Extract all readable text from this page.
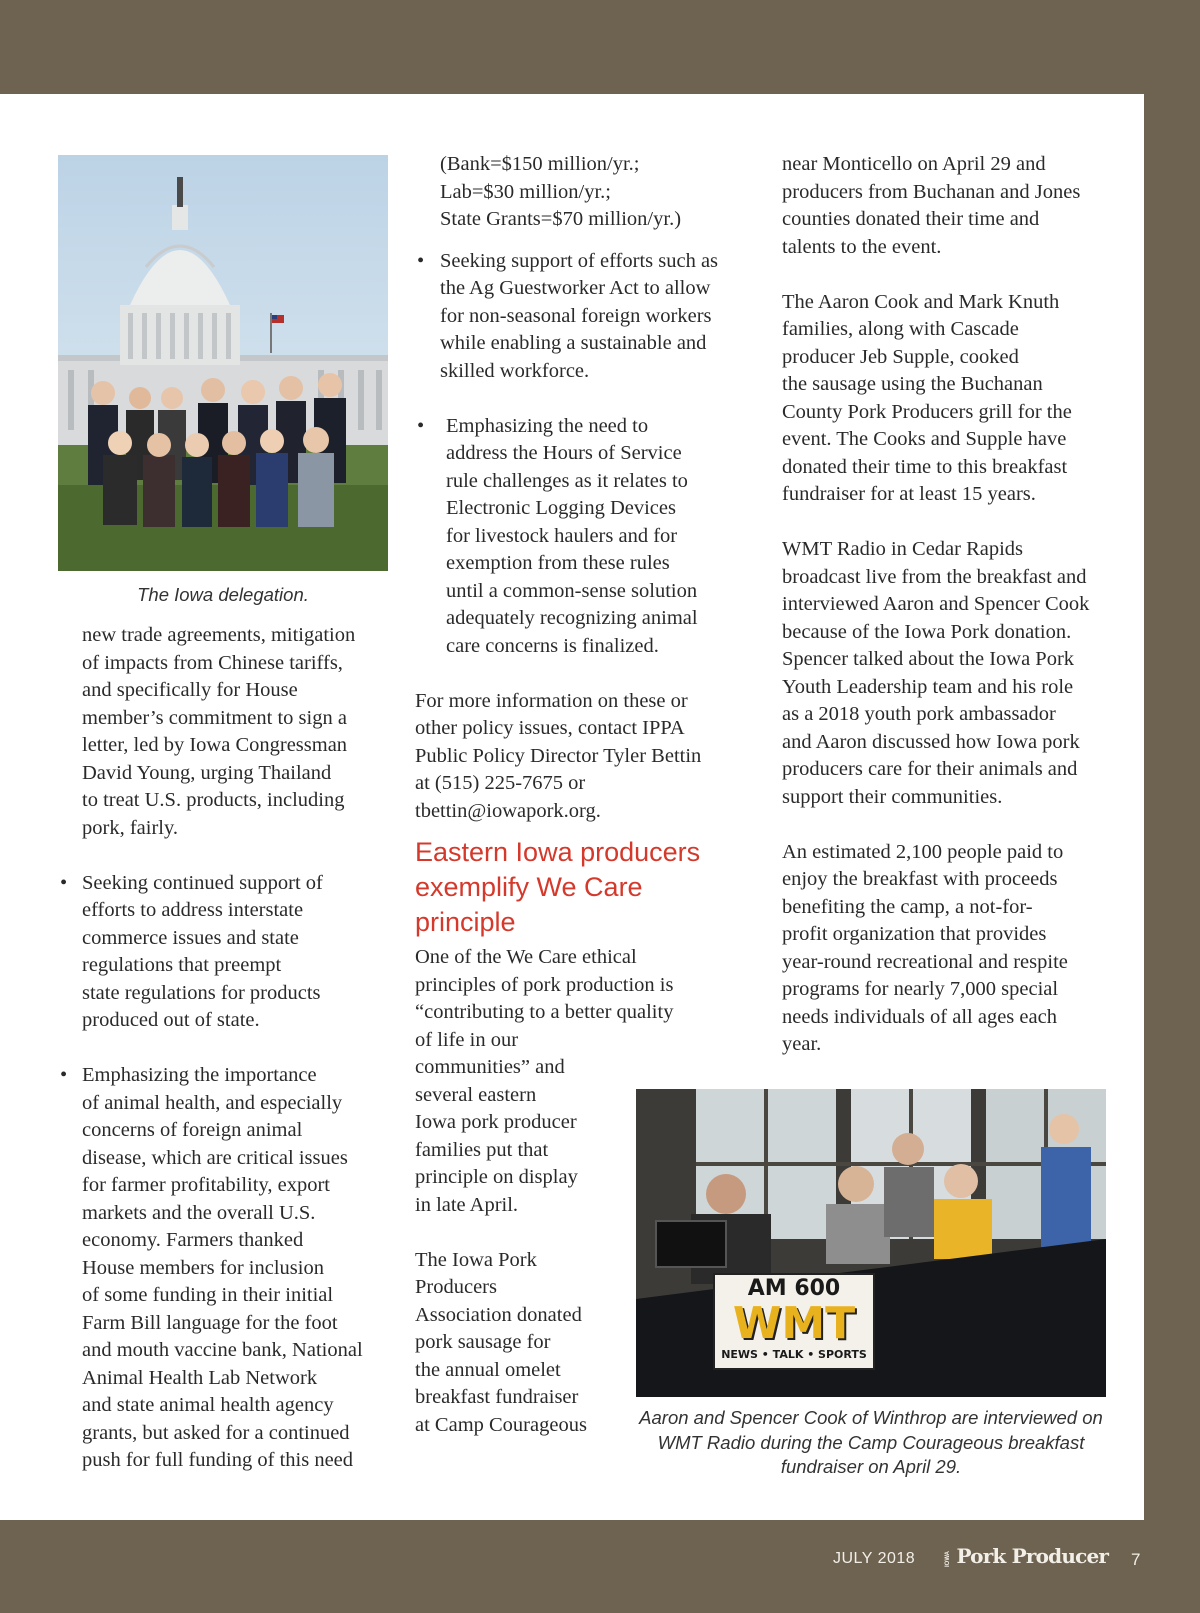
The Iowa delegation.

new trade agreements, mitigation

of impacts from Chinese tariffs,

and specifically for House

member’s commitment to sign a

letter, led by Iowa Congressman

David Young, urging Thailand

to treat U.S. products, including

pork, fairly.

• Seeking continued support of

efforts to address interstate

commerce issues and state

regulations that preempt

state regulations for products

produced out of state.

• Emphasizing the importance

of animal health, and especially

concerns of foreign animal

disease, which are critical issues

for farmer profitability, export

markets and the overall U.S.

economy. Farmers thanked

House members for inclusion

of some funding in their initial

Farm Bill language for the foot

and mouth vaccine bank, National

Animal Health Lab Network

and state animal health agency

grants, but asked for a continued

push for full funding of this need

(Bank=$150 million/yr.;

Lab=$30 million/yr.;

State Grants=$70 million/yr.)

• Seeking support of efforts such as

the Ag Guestworker Act to allow

for non-seasonal foreign workers

while enabling a sustainable and

skilled workforce.

• Emphasizing the need to

address the Hours of Service

rule challenges as it relates to

Electronic Logging Devices

for livestock haulers and for

exemption from these rules

until a common-sense solution

adequately recognizing animal

care concerns is finalized.

For more information on these or

other policy issues, contact IPPA

Public Policy Director Tyler Bettin

at (515) 225-7675 or

tbettin@iowapork.org.

Eastern Iowa producers
exemplify We Care
principle

One of the We Care ethical

principles of pork production is

“contributing to a better quality

of life in our

communities” and

several eastern

Iowa pork producer

families put that

principle on display

in late April.

The Iowa Pork

Producers

Association donated

pork sausage for

the annual omelet

breakfast fundraiser

at Camp Courageous

near Monticello on April 29 and

producers from Buchanan and Jones

counties donated their time and

talents to the event.

The Aaron Cook and Mark Knuth

families, along with Cascade

producer Jeb Supple, cooked

the sausage using the Buchanan

County Pork Producers grill for the

event. The Cooks and Supple have

donated their time to this breakfast

fundraiser for at least 15 years.

WMT Radio in Cedar Rapids

broadcast live from the breakfast and

interviewed Aaron and Spencer Cook

because of the Iowa Pork donation.

Spencer talked about the Iowa Pork

Youth Leadership team and his role

as a 2018 youth pork ambassador

and Aaron discussed how Iowa pork

producers care for their animals and

support their communities.

An estimated 2,100 people paid to

enjoy the breakfast with proceeds

benefiting the camp, a not-for-

profit organization that provides

year-round recreational and respite

programs for nearly 7,000 special

needs individuals of all ages each

year.

AM 600
WMT
NEWS • TALK • SPORTS
Aaron and Spencer Cook of Winthrop are interviewed on WMT Radio during the Camp Courageous breakfast fundraiser on April 29.
JULY 2018	IOWA Pork Producer 7
